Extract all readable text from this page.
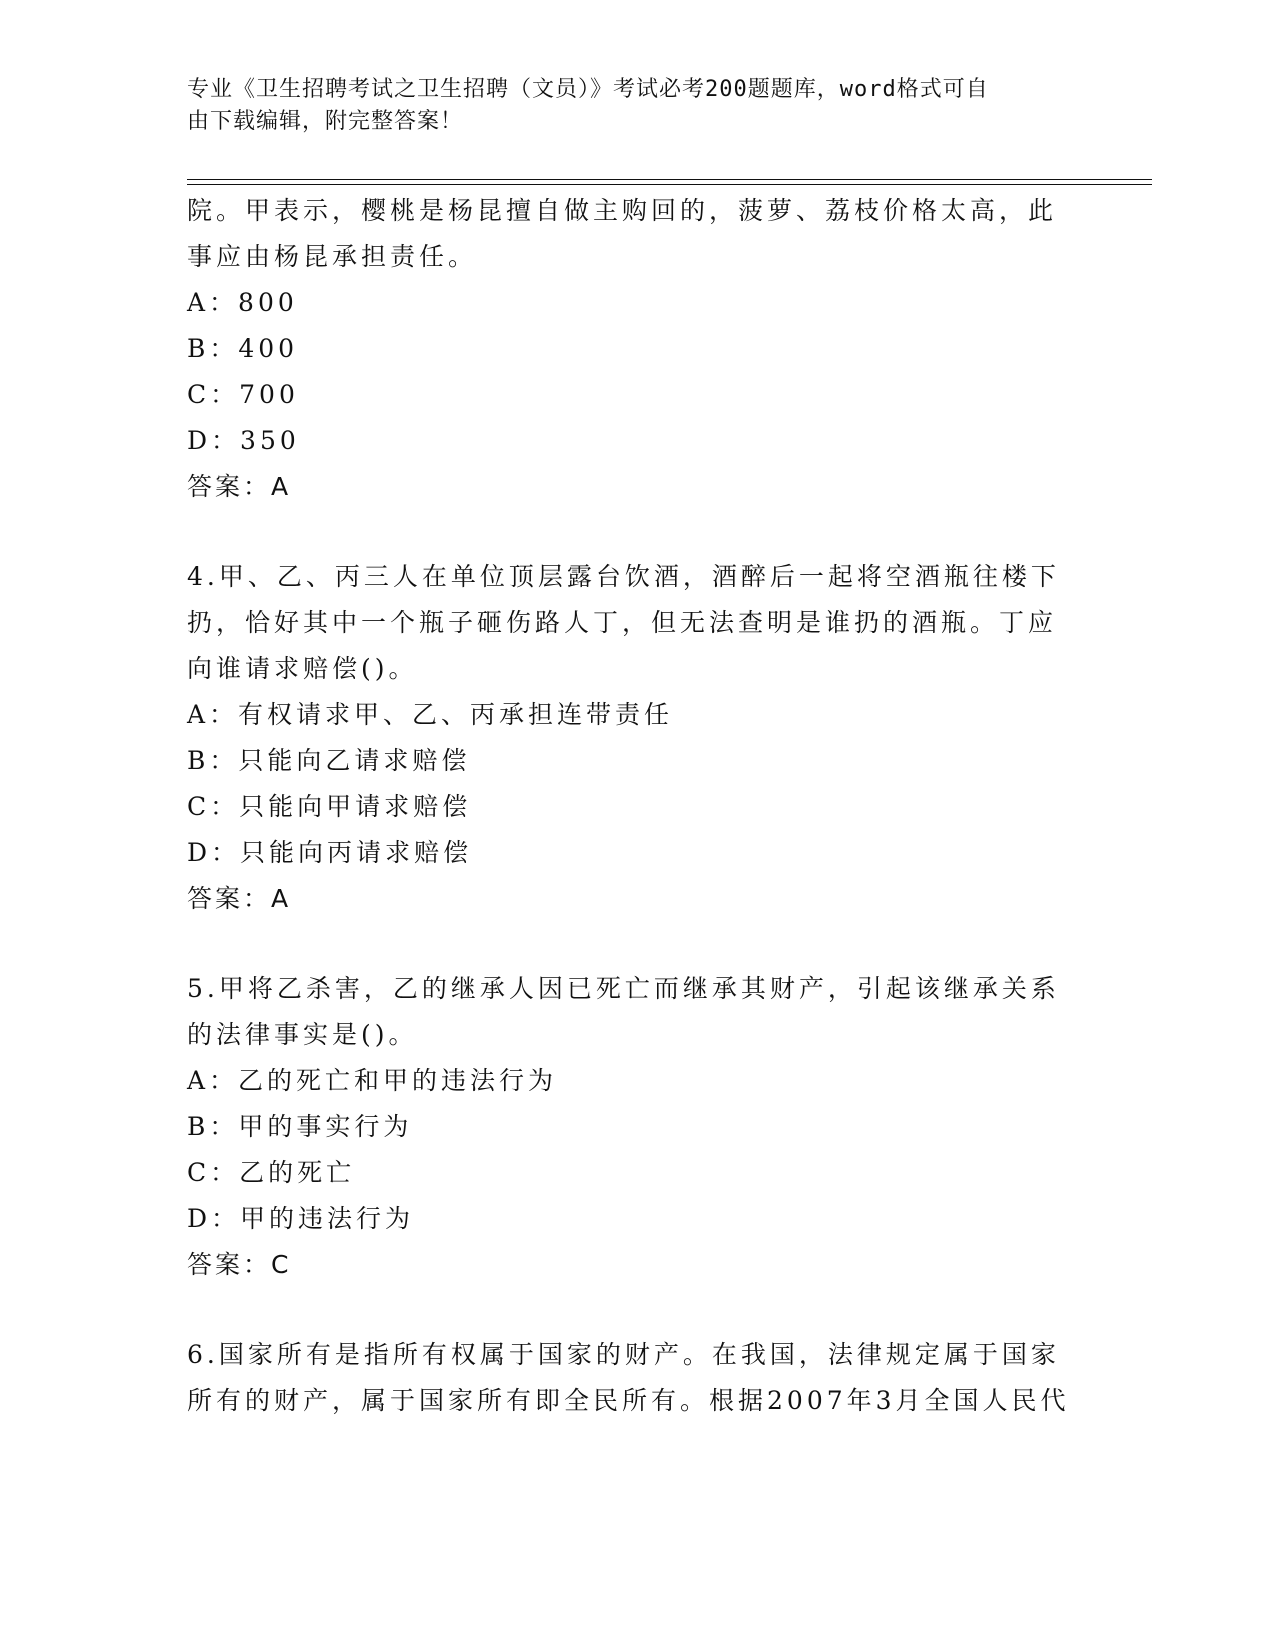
专业《卫生招聘考试之卫生招聘（文员）》考试必考200题题库，word格式可自
由下载编辑，附完整答案！
院。甲表示，樱桃是杨昆擅自做主购回的，菠萝、荔枝价格太高，此
事应由杨昆承担责任。
A：800
B：400
C：700
D：350
答案：A
4.甲、乙、丙三人在单位顶层露台饮酒，酒醉后一起将空酒瓶往楼下
扔，恰好其中一个瓶子砸伤路人丁，但无法查明是谁扔的酒瓶。丁应
向谁请求赔偿()。
A：有权请求甲、乙、丙承担连带责任
B：只能向乙请求赔偿
C：只能向甲请求赔偿
D：只能向丙请求赔偿
答案：A
5.甲将乙杀害，乙的继承人因已死亡而继承其财产，引起该继承关系
的法律事实是()。
A：乙的死亡和甲的违法行为
B：甲的事实行为
C：乙的死亡
D：甲的违法行为
答案：C
6.国家所有是指所有权属于国家的财产。在我国，法律规定属于国家
所有的财产，属于国家所有即全民所有。根据2007年3月全国人民代
